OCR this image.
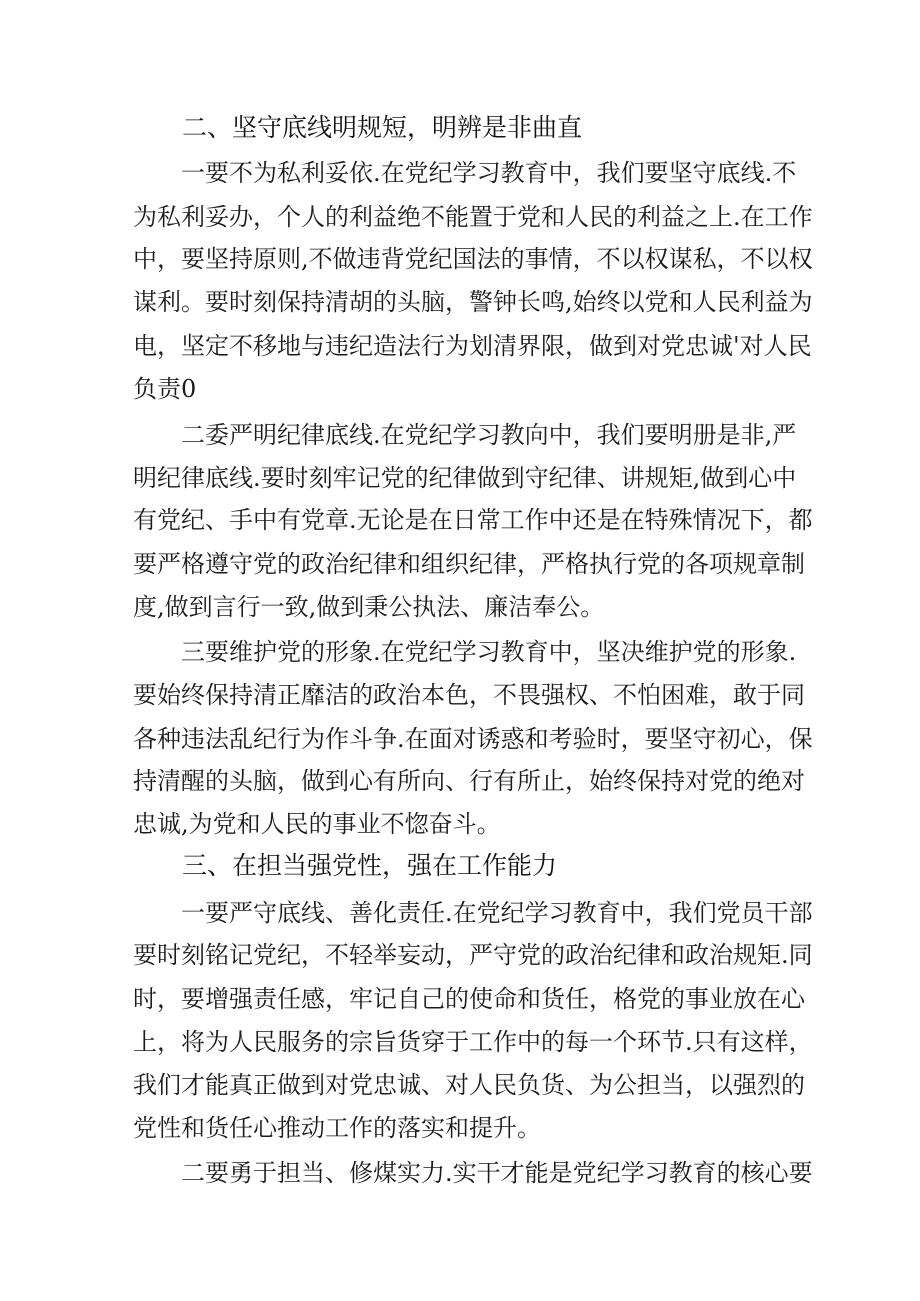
二、坚守底线明规短，明辨是非曲直
一要不为私利妥依.在党纪学习教育中，我们要坚守底线.不
为私利妥办，个人的利益绝不能置于党和人民的利益之上.在工作
中，要坚持原则,不做违背党纪国法的事情，不以权谋私，不以权
谋利。要时刻保持清胡的头脑，警钟长鸣,始终以党和人民利益为
电，坚定不移地与违纪造法行为划清界限，做到对党忠诚'对人民
负责0
二委严明纪律底线.在党纪学习教向中，我们要明册是非,严
明纪律底线.要时刻牢记党的纪律做到守纪律、讲规矩,做到心中
有党纪、手中有党章.无论是在日常工作中还是在特殊情况下，都
要严格遵守党的政治纪律和组织纪律，严格执行党的各项规章制
度,做到言行一致,做到秉公执法、廉洁奉公。
三要维护党的形象.在党纪学习教育中，坚决维护党的形象.
要始终保持清正靡洁的政治本色，不畏强权、不怕困难，敢于同
各种违法乱纪行为作斗争.在面对诱惑和考验时，要坚守初心，保
持清醒的头脑，做到心有所向、行有所止，始终保持对党的绝对
忠诚,为党和人民的事业不惚奋斗。
三、在担当强党性，强在工作能力
一要严守底线、善化责任.在党纪学习教育中，我们党员干部
要时刻铭记党纪，不轻举妄动，严守党的政治纪律和政治规矩.同
时，要增强责任感，牢记自己的使命和货任，格党的事业放在心
上，将为人民服务的宗旨货穿于工作中的每一个环节.只有这样，
我们才能真正做到对党忠诚、对人民负货、为公担当，以强烈的
党性和货任心推动工作的落实和提升。
二要勇于担当、修煤实力.实干才能是党纪学习教育的核心要
